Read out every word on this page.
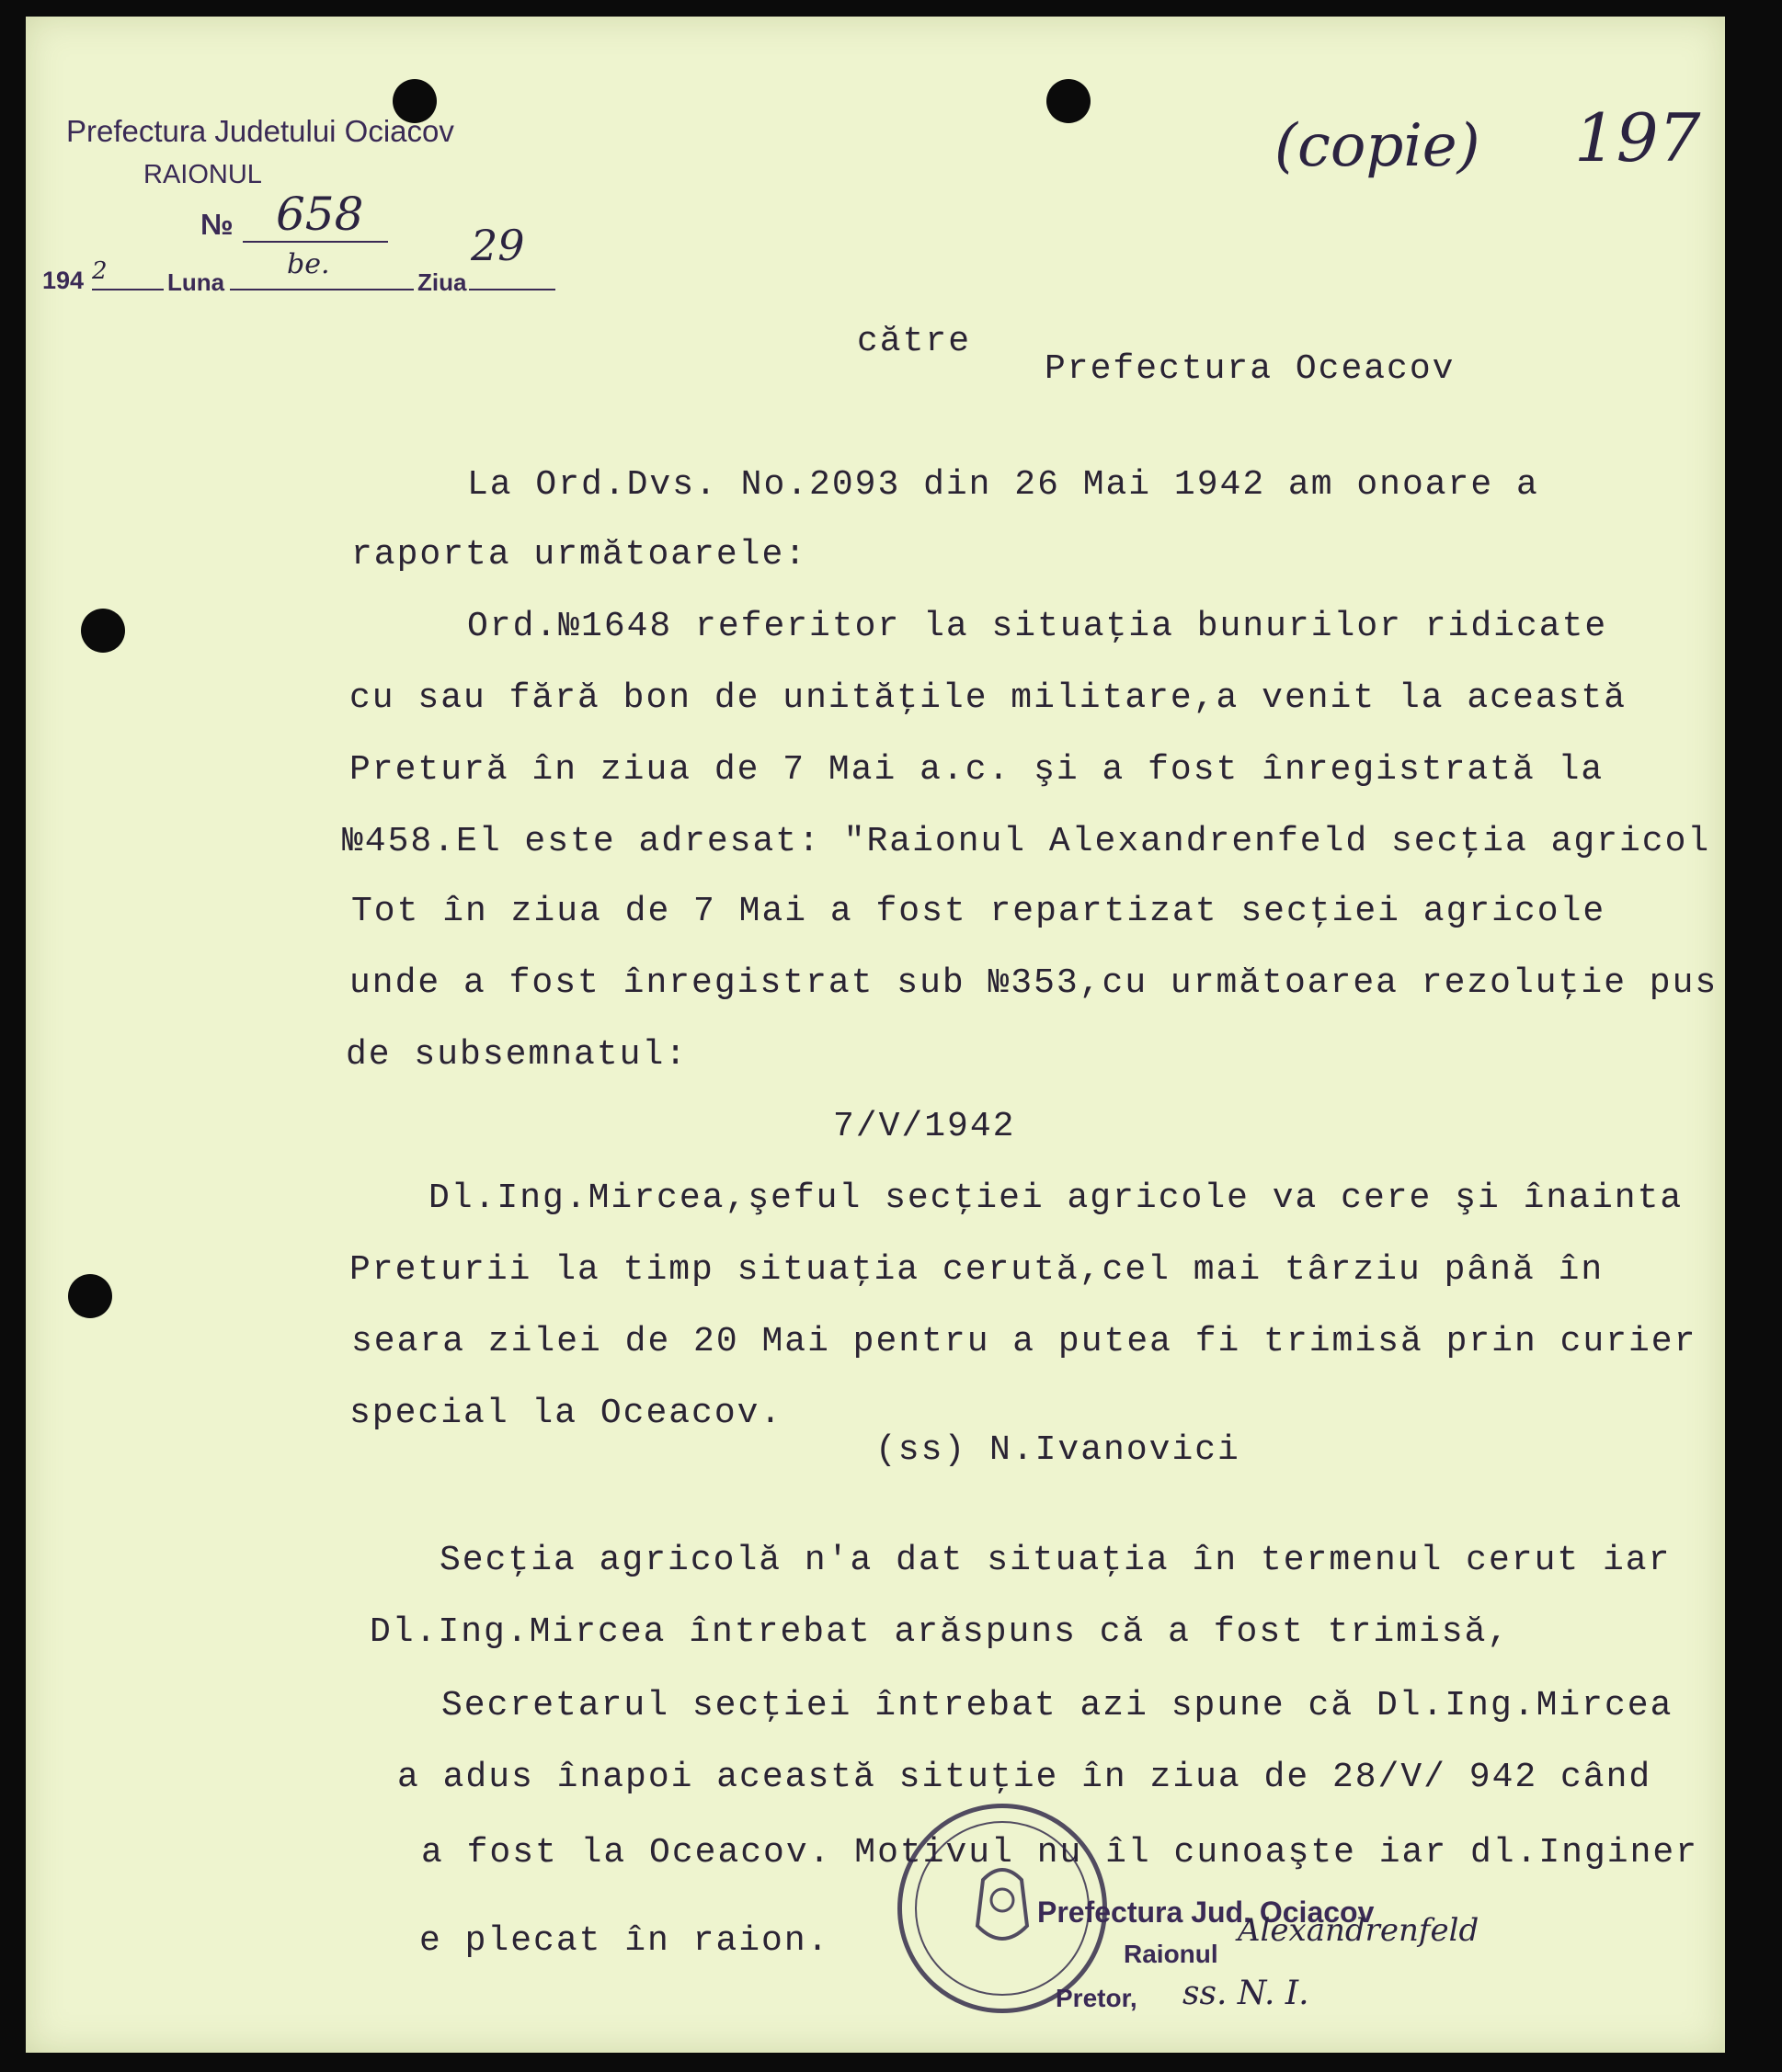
Prefectura Judetului Ociacov
RAIONUL
№ 658
194 2	Luna
be.
Ziua
29
(copie) 197
către
Prefectura Oceacov
La Ord.Dvs. No.2093 din 26 Mai 1942 am onoare a
raporta următoarele:
Ord.№1648 referitor la situaţia bunurilor ridicate
cu sau fără bon de unităţile militare,a venit la această
Pretură în ziua de 7 Mai a.c. şi a fost înregistrată la
№458.El este adresat: "Raionul Alexandrenfeld secţia agricol
Tot în ziua de 7 Mai a fost repartizat secţiei agricole
unde a fost înregistrat sub №353,cu următoarea rezoluţie pus
de subsemnatul:
7/V/1942
Dl.Ing.Mircea,şeful secţiei agricole va cere şi înainta
Preturii la timp situaţia cerută,cel mai târziu până în
seara zilei de 20 Mai pentru a putea fi trimisă prin curier
special la Oceacov.
(ss) N.Ivanovici
Secţia agricolă n'a dat situaţia în termenul cerut iar
Dl.Ing.Mircea întrebat arăspuns că a fost trimisă,
Secretarul secţiei întrebat azi spune că Dl.Ing.Mircea
a adus înapoi această situţie în ziua de 28/V/ 942 când
a fost la Oceacov. Motivul nu îl cunoaşte iar dl.Inginer
e plecat în raion.
Prefectura Jud. Ociacov
Raionul
Alexandrenfeld
Pretor, ss. N. I.
